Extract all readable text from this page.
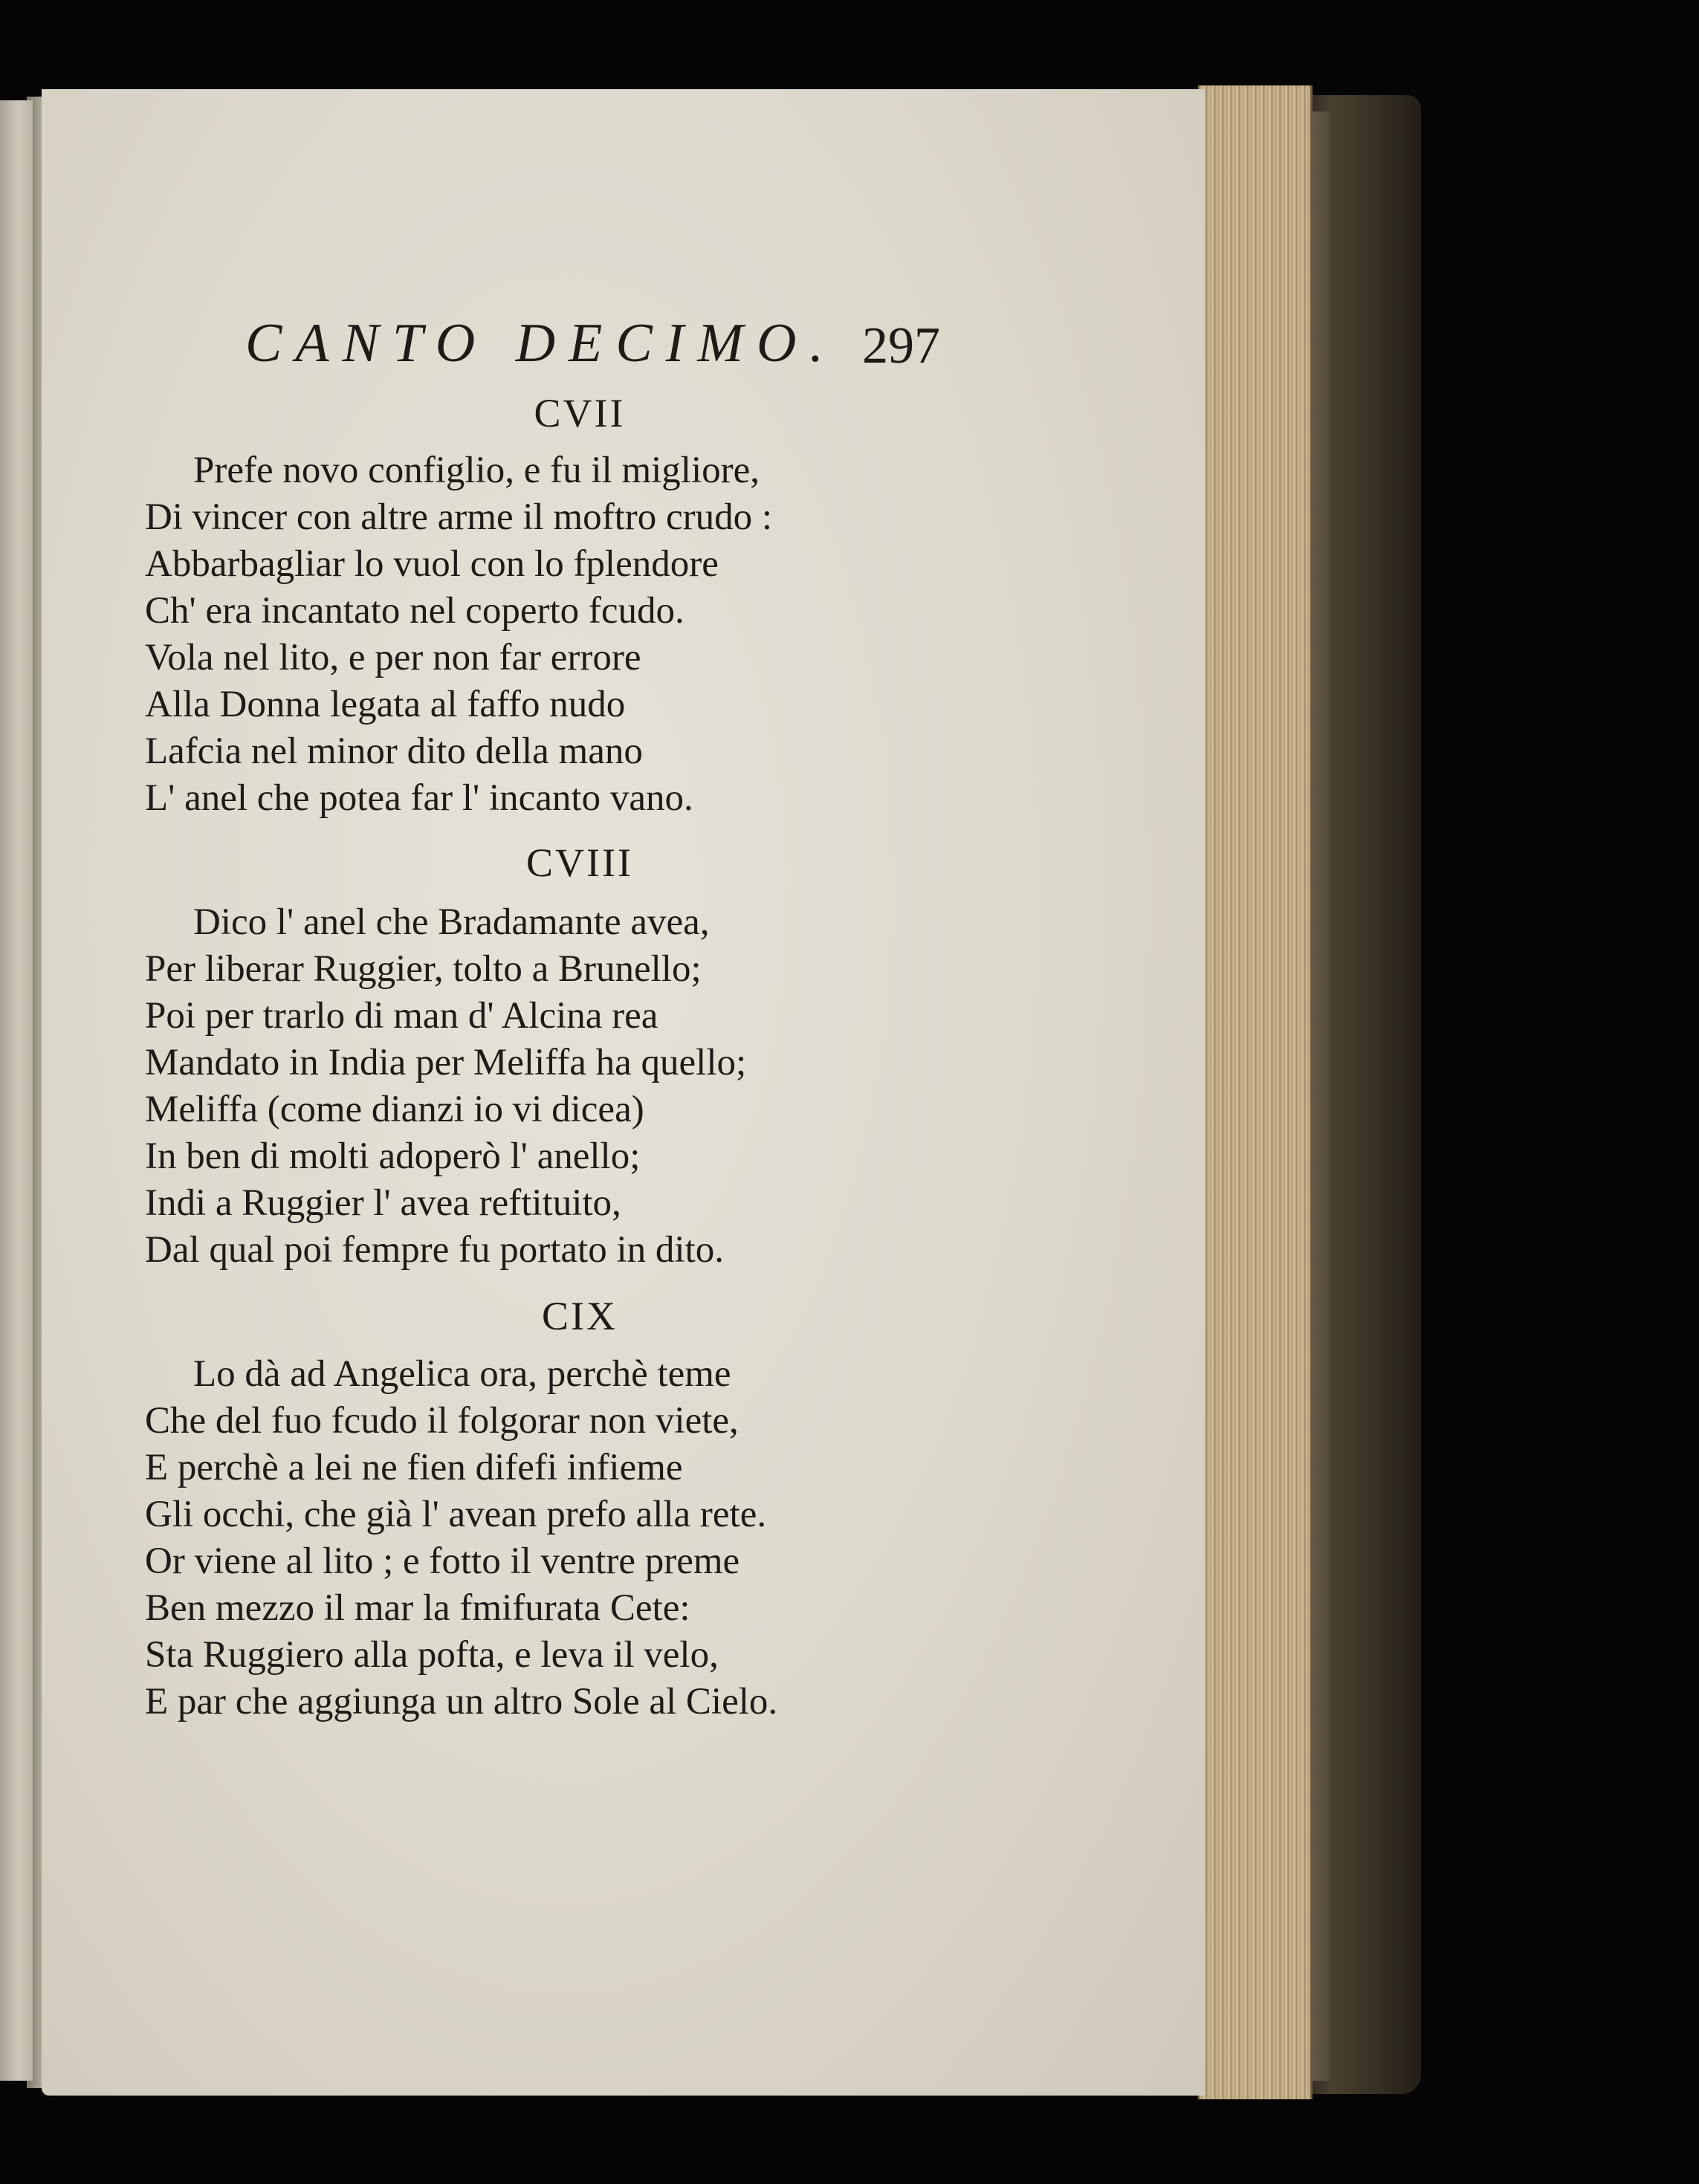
CANTO DECIMO. 297
CVII
Prefe novo configlio, e fu il migliore,
Di vincer con altre arme il moftro crudo :
Abbarbagliar lo vuol con lo fplendore
Ch' era incantato nel coperto fcudo.
Vola nel lito, e per non far errore
Alla Donna legata al faffo nudo
Lafcia nel minor dito della mano
L' anel che potea far l' incanto vano.
CVIII
Dico l' anel che Bradamante avea,
Per liberar Ruggier, tolto a Brunello;
Poi per trarlo di man d' Alcina rea
Mandato in India per Meliffa ha quello;
Meliffa (come dianzi io vi dicea)
In ben di molti adoperò l' anello;
Indi a Ruggier l' avea reftituito,
Dal qual poi fempre fu portato in dito.
CIX
Lo dà ad Angelica ora, perchè teme
Che del fuo fcudo il folgorar non viete,
E perchè a lei ne fien difefi infieme
Gli occhi, che già l' avean prefo alla rete.
Or viene al lito ; e fotto il ventre preme
Ben mezzo il mar la fmifurata Cete:
Sta Ruggiero alla pofta, e leva il velo,
E par che aggiunga un altro Sole al Cielo.
